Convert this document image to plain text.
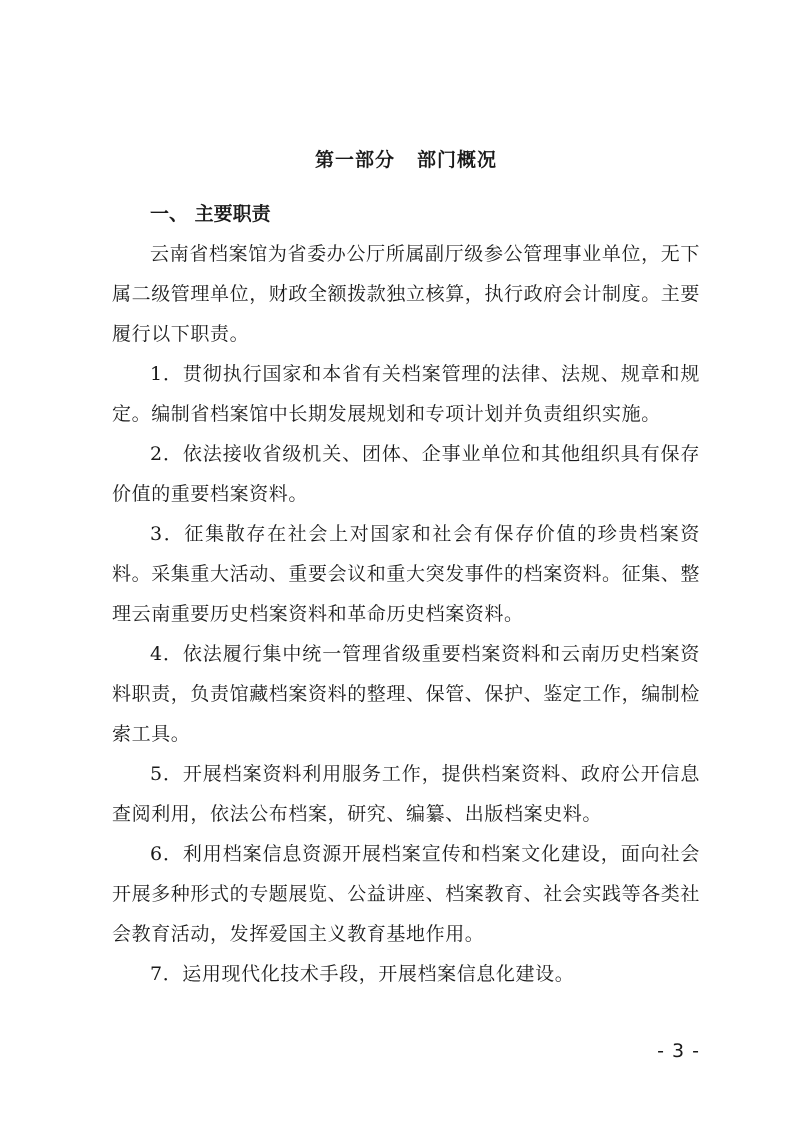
第一部分 部门概况
一、 主要职责

云南省档案馆为省委办公厅所属副厅级参公管理事业单位，无下属二级管理单位，财政全额拨款独立核算，执行政府会计制度。主要履行以下职责。

1．贯彻执行国家和本省有关档案管理的法律、法规、规章和规定。编制省档案馆中长期发展规划和专项计划并负责组织实施。

2．依法接收省级机关、团体、企事业单位和其他组织具有保存价值的重要档案资料。

3．征集散存在社会上对国家和社会有保存价值的珍贵档案资料。采集重大活动、重要会议和重大突发事件的档案资料。征集、整理云南重要历史档案资料和革命历史档案资料。

4．依法履行集中统一管理省级重要档案资料和云南历史档案资料职责，负责馆藏档案资料的整理、保管、保护、鉴定工作，编制检索工具。

5．开展档案资料利用服务工作，提供档案资料、政府公开信息查阅利用，依法公布档案，研究、编纂、出版档案史料。

6．利用档案信息资源开展档案宣传和档案文化建设，面向社会开展多种形式的专题展览、公益讲座、档案教育、社会实践等各类社会教育活动，发挥爱国主义教育基地作用。

7．运用现代化技术手段，开展档案信息化建设。

- 3 -
